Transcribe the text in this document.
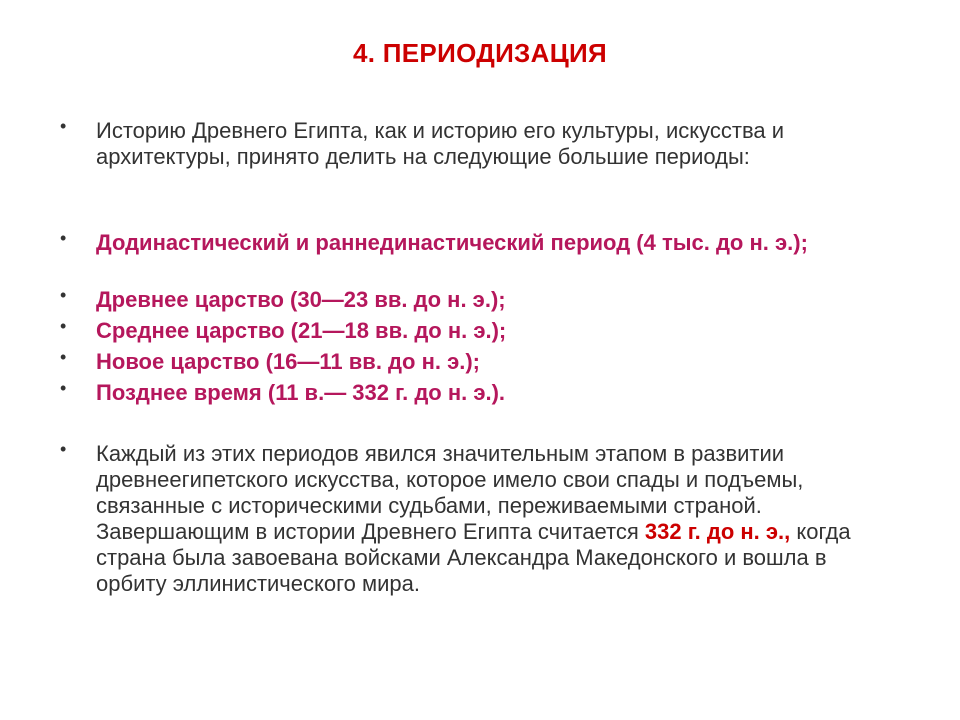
4. ПЕРИОДИЗАЦИЯ
• Историю Древнего Египта, как и историю его культуры, искусства и архитектуры, принято делить на следующие большие периоды:
• Додинастический и раннединастический период (4 тыс. до н. э.);
• Древнее царство (30—23 вв. до н. э.);
• Среднее царство (21—18 вв. до н. э.);
• Новое царство (16—11 вв. до н. э.);
• Позднее время (11 в.— 332 г. до н. э.).
• Каждый из этих периодов явился значительным этапом в развитии древнеегипетского искусства, которое имело свои спады и подъемы, связанные с историческими судьбами, переживаемыми страной. Завершающим в истории Древнего Египта считается 332 г. до н. э., когда страна была завоевана войсками Александра Македонского и вошла в орбиту эллинистического мира.
